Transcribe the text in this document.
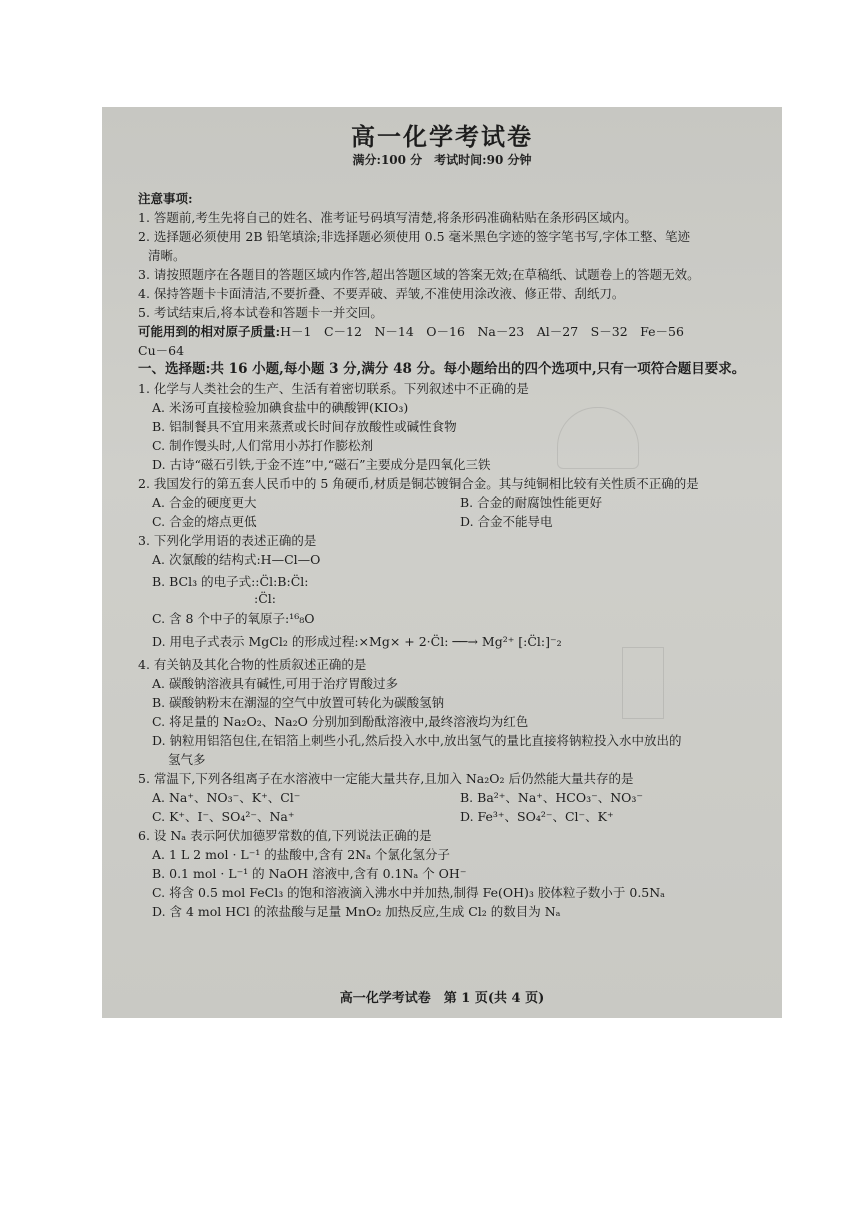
高一化学考试卷
满分:100 分　考试时间:90 分钟
注意事项:
1. 答题前,考生先将自己的姓名、准考证号码填写清楚,将条形码准确粘贴在条形码区域内。
2. 选择题必须使用 2B 铅笔填涂;非选择题必须使用 0.5 毫米黑色字迹的签字笔书写,字体工整、笔迹
清晰。
3. 请按照题序在各题目的答题区域内作答,超出答题区域的答案无效;在草稿纸、试题卷上的答题无效。
4. 保持答题卡卡面清洁,不要折叠、不要弄破、弄皱,不准使用涂改液、修正带、刮纸刀。
5. 考试结束后,将本试卷和答题卡一并交回。
可能用到的相对原子质量:H－1　C－12　N－14　O－16　Na－23　Al－27　S－32　Fe－56
Cu－64
一、选择题:共 16 小题,每小题 3 分,满分 48 分。每小题给出的四个选项中,只有一项符合题目要求。
1. 化学与人类社会的生产、生活有着密切联系。下列叙述中不正确的是
A. 米汤可直接检验加碘食盐中的碘酸钾(KIO₃)
B. 铝制餐具不宜用来蒸煮或长时间存放酸性或碱性食物
C. 制作馒头时,人们常用小苏打作膨松剂
D. 古诗“磁石引铁,于金不连”中,“磁石”主要成分是四氧化三铁
2. 我国发行的第五套人民币中的 5 角硬币,材质是铜芯镀铜合金。其与纯铜相比较有关性质不正确的是
A. 合金的硬度更大	B. 合金的耐腐蚀性能更好
C. 合金的熔点更低	D. 合金不能导电
3. 下列化学用语的表述正确的是
A. 次氯酸的结构式:H—Cl—O
B. BCl₃ 的电子式::C̈l:B:C̈l:
:C̈l:
C. 含 8 个中子的氧原子:¹⁶₈O
D. 用电子式表示 MgCl₂ 的形成过程:×Mg× + 2·C̈l: ──→ Mg²⁺ [:C̈l:]⁻₂
4. 有关钠及其化合物的性质叙述正确的是
A. 碳酸钠溶液具有碱性,可用于治疗胃酸过多
B. 碳酸钠粉末在潮湿的空气中放置可转化为碳酸氢钠
C. 将足量的 Na₂O₂、Na₂O 分别加到酚酞溶液中,最终溶液均为红色
D. 钠粒用铝箔包住,在铝箔上刺些小孔,然后投入水中,放出氢气的量比直接将钠粒投入水中放出的
氢气多
5. 常温下,下列各组离子在水溶液中一定能大量共存,且加入 Na₂O₂ 后仍然能大量共存的是
A. Na⁺、NO₃⁻、K⁺、Cl⁻	B. Ba²⁺、Na⁺、HCO₃⁻、NO₃⁻
C. K⁺、I⁻、SO₄²⁻、Na⁺	D. Fe³⁺、SO₄²⁻、Cl⁻、K⁺
6. 设 Nₐ 表示阿伏加德罗常数的值,下列说法正确的是
A. 1 L 2 mol · L⁻¹ 的盐酸中,含有 2Nₐ 个氯化氢分子
B. 0.1 mol · L⁻¹ 的 NaOH 溶液中,含有 0.1Nₐ 个 OH⁻
C. 将含 0.5 mol FeCl₃ 的饱和溶液滴入沸水中并加热,制得 Fe(OH)₃ 胶体粒子数小于 0.5Nₐ
D. 含 4 mol HCl 的浓盐酸与足量 MnO₂ 加热反应,生成 Cl₂ 的数目为 Nₐ
高一化学考试卷　第 1 页(共 4 页)
